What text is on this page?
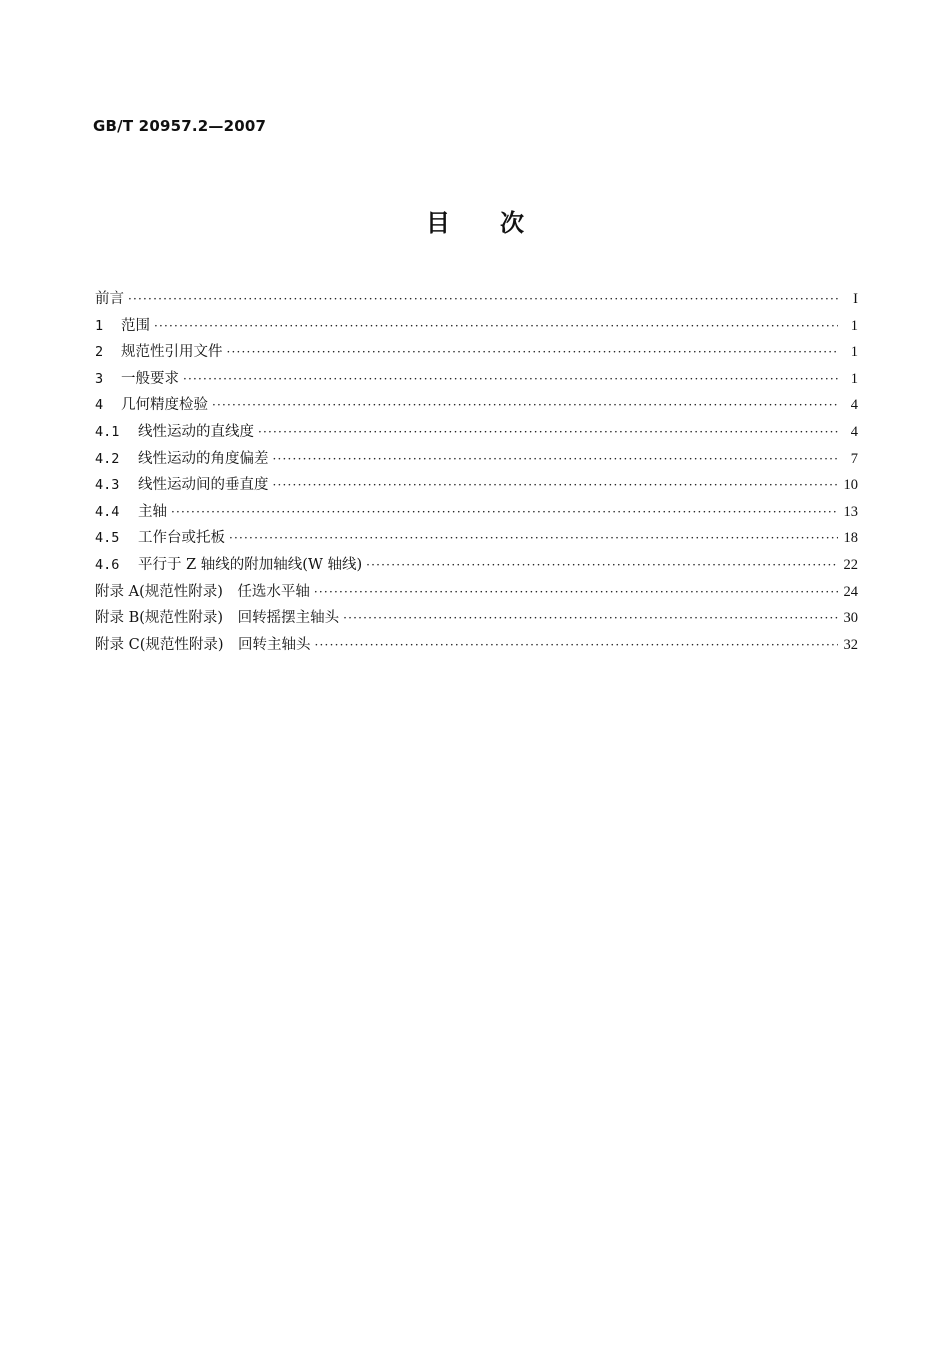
GB/T 20957.2—2007
目 次
前言 ·····	I
1	范围 ·····	1
2	规范性引用文件 ·····	1
3	一般要求 ·····	1
4	几何精度检验 ·····	4
4.1	线性运动的直线度 ·····	4
4.2	线性运动的角度偏差 ·····	7
4.3	线性运动间的垂直度 ·····	10
4.4	主轴 ·····	13
4.5	工作台或托板 ·····	18
4.6	平行于 Z 轴线的附加轴线(W 轴线) ·····	22
附录 A(规范性附录)　任选水平轴 ·····	24
附录 B(规范性附录)　回转摇摆主轴头 ·····	30
附录 C(规范性附录)　回转主轴头 ·····	32
